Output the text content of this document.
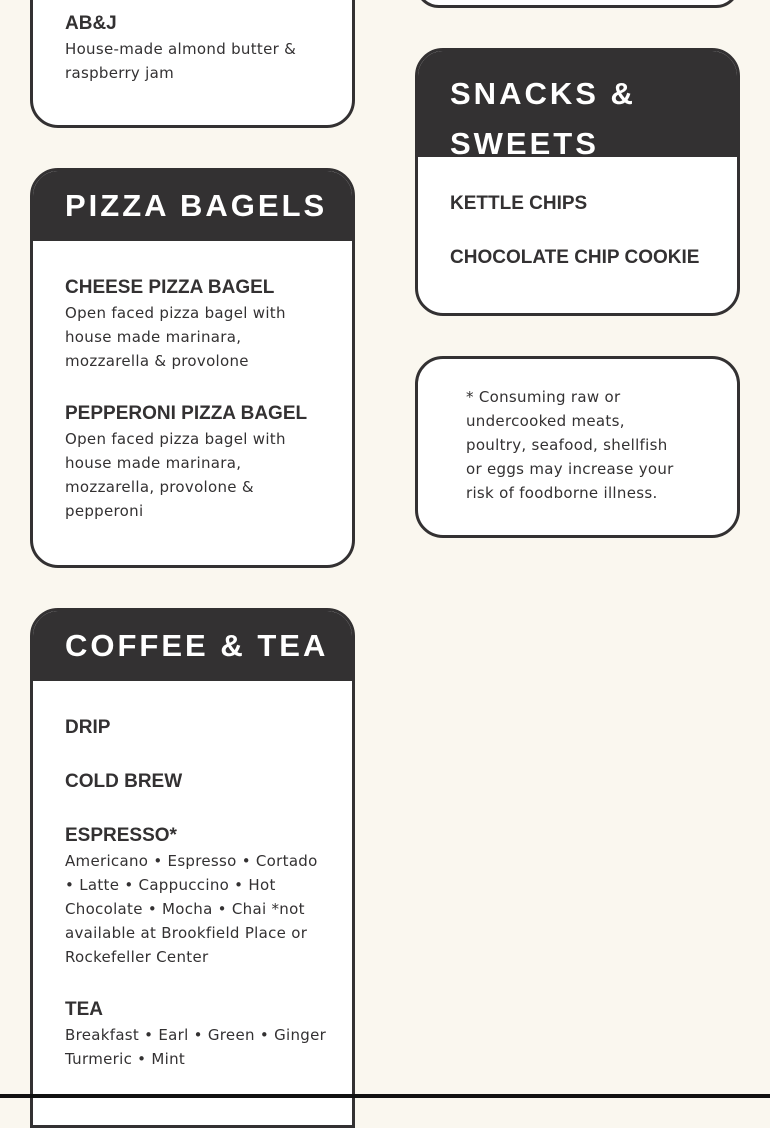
AB&J

House-made almond butter & raspberry jam

PIZZA BAGELS

CHEESE PIZZA BAGEL

Open faced pizza bagel with house made marinara, mozzarella & provolone

PEPPERONI PIZZA BAGEL

Open faced pizza bagel with house made marinara, mozzarella, provolone & pepperoni

COFFEE & TEA

DRIP

COLD BREW

ESPRESSO*

Americano • Espresso • Cortado • Latte • Cappuccino • Hot Chocolate • Mocha • Chai *not available at Brookfield Place or Rockefeller Center

TEA

Breakfast • Earl • Green • Ginger Turmeric • Mint

SNACKS & SWEETS

KETTLE CHIPS

CHOCOLATE CHIP COOKIE

* Consuming raw or undercooked meats, poultry, seafood, shellfish or eggs may increase your risk of foodborne illness.
